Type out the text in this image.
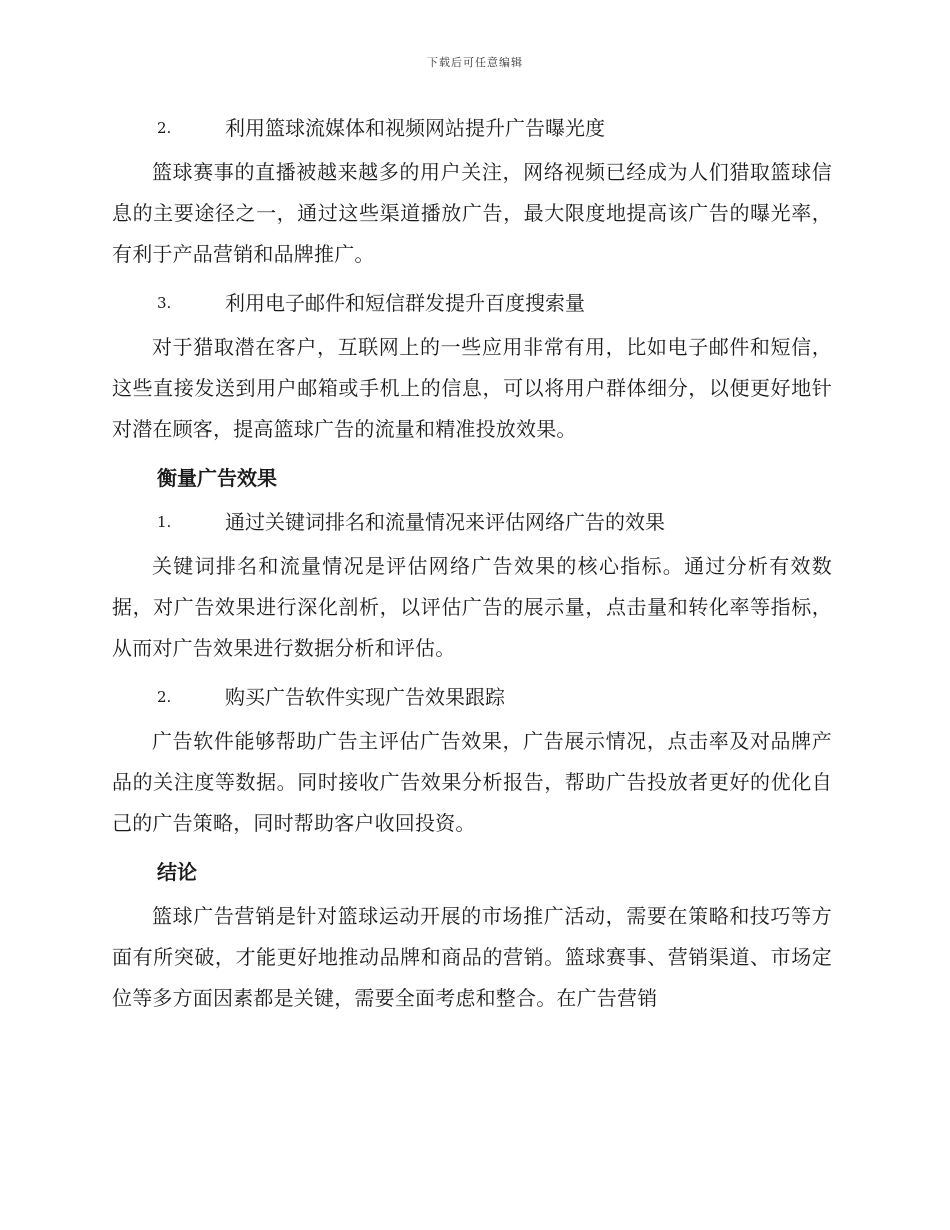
下载后可任意编辑
2.	利用篮球流媒体和视频网站提升广告曝光度

篮球赛事的直播被越来越多的用户关注，网络视频已经成为人们猎取篮球信息的主要途径之一，通过这些渠道播放广告，最大限度地提高该广告的曝光率，有利于产品营销和品牌推广。

3.	利用电子邮件和短信群发提升百度搜索量

对于猎取潜在客户，互联网上的一些应用非常有用，比如电子邮件和短信，这些直接发送到用户邮箱或手机上的信息，可以将用户群体细分，以便更好地针对潜在顾客，提高篮球广告的流量和精准投放效果。

衡量广告效果
1.	通过关键词排名和流量情况来评估网络广告的效果

关键词排名和流量情况是评估网络广告效果的核心指标。通过分析有效数据，对广告效果进行深化剖析，以评估广告的展示量，点击量和转化率等指标，从而对广告效果进行数据分析和评估。

2.	购买广告软件实现广告效果跟踪

广告软件能够帮助广告主评估广告效果，广告展示情况，点击率及对品牌产品的关注度等数据。同时接收广告效果分析报告，帮助广告投放者更好的优化自己的广告策略，同时帮助客户收回投资。

结论

篮球广告营销是针对篮球运动开展的市场推广活动，需要在策略和技巧等方面有所突破，才能更好地推动品牌和商品的营销。篮球赛事、营销渠道、市场定位等多方面因素都是关键，需要全面考虑和整合。在广告营销
